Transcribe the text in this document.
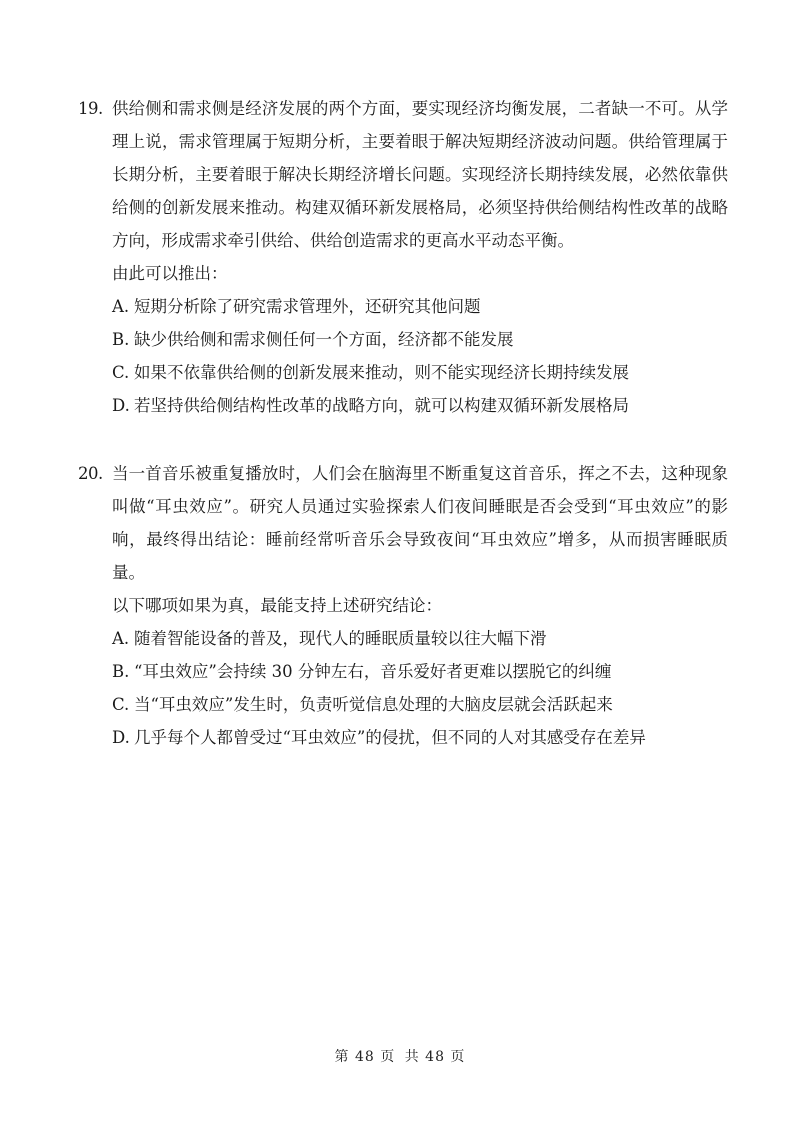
19. 供给侧和需求侧是经济发展的两个方面，要实现经济均衡发展，二者缺一不可。从学理上说，需求管理属于短期分析，主要着眼于解决短期经济波动问题。供给管理属于长期分析，主要着眼于解决长期经济增长问题。实现经济长期持续发展，必然依靠供给侧的创新发展来推动。构建双循环新发展格局，必须坚持供给侧结构性改革的战略方向，形成需求牵引供给、供给创造需求的更高水平动态平衡。

由此可以推出：

A. 短期分析除了研究需求管理外，还研究其他问题
B. 缺少供给侧和需求侧任何一个方面，经济都不能发展
C. 如果不依靠供给侧的创新发展来推动，则不能实现经济长期持续发展
D. 若坚持供给侧结构性改革的战略方向，就可以构建双循环新发展格局

20. 当一首音乐被重复播放时，人们会在脑海里不断重复这首音乐，挥之不去，这种现象叫做“耳虫效应”。研究人员通过实验探索人们夜间睡眠是否会受到“耳虫效应”的影响，最终得出结论：睡前经常听音乐会导致夜间“耳虫效应”增多，从而损害睡眠质量。

以下哪项如果为真，最能支持上述研究结论：

A. 随着智能设备的普及，现代人的睡眠质量较以往大幅下滑
B. “耳虫效应”会持续 30 分钟左右，音乐爱好者更难以摆脱它的纠缠
C. 当“耳虫效应”发生时，负责听觉信息处理的大脑皮层就会活跃起来
D. 几乎每个人都曾受过“耳虫效应”的侵扰，但不同的人对其感受存在差异
第 48 页 共 48 页
